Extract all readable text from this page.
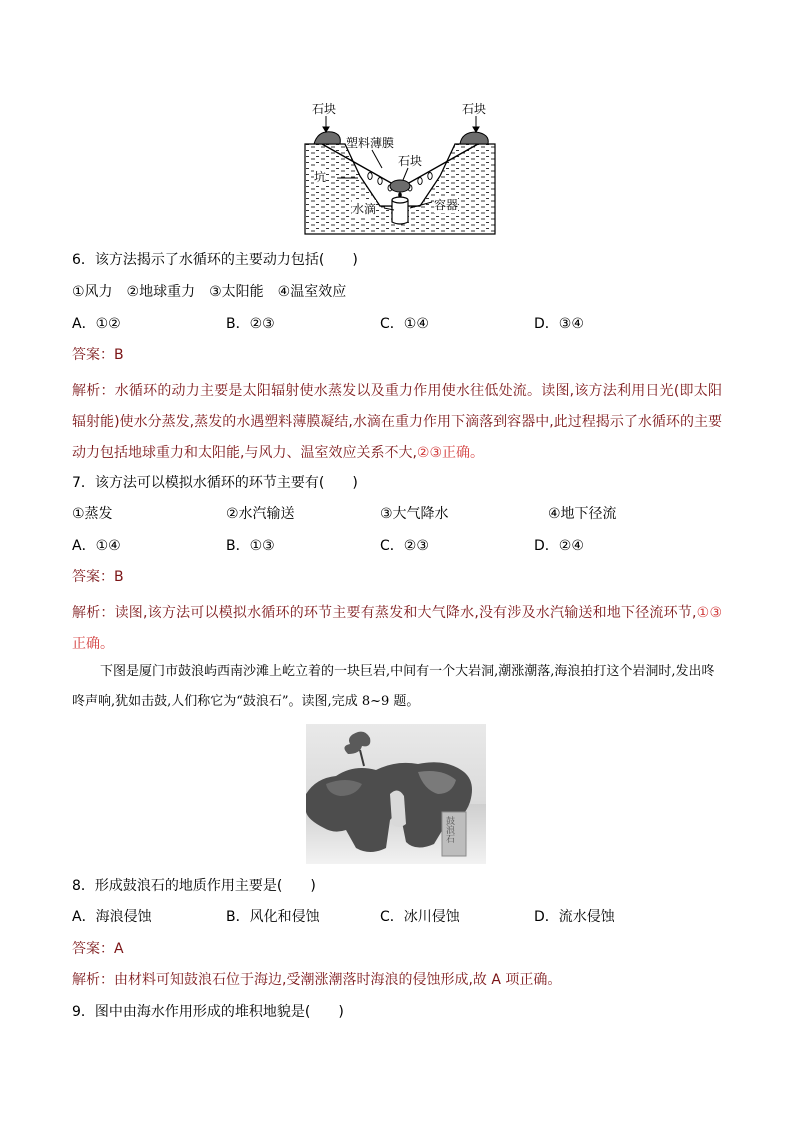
石块	石块
塑料薄膜
石块
坑
水滴	容器
6．该方法揭示了水循环的主要动力包括(　　)
①风力　②地球重力　③太阳能　④温室效应
A．①②	B．②③	C．①④	D．③④
答案：B
解析：水循环的动力主要是太阳辐射使水蒸发以及重力作用使水往低处流。读图,该方法利用日光(即太阳辐射能)使水分蒸发,蒸发的水遇塑料薄膜凝结,水滴在重力作用下滴落到容器中,此过程揭示了水循环的主要动力包括地球重力和太阳能,与风力、温室效应关系不大,②③正确。
7．该方法可以模拟水循环的环节主要有(　　)
①蒸发	②水汽输送	③大气降水	④地下径流
A．①④	B．①③	C．②③	D．②④
答案：B
解析：读图,该方法可以模拟水循环的环节主要有蒸发和大气降水,没有涉及水汽输送和地下径流环节,①③正确。
下图是厦门市鼓浪屿西南沙滩上屹立着的一块巨岩,中间有一个大岩洞,潮涨潮落,海浪拍打这个岩洞时,发出咚咚声响,犹如击鼓,人们称它为“鼓浪石”。读图,完成 8~9 题。
鼓浪石
8．形成鼓浪石的地质作用主要是(　　)
A．海浪侵蚀	B．风化和侵蚀	C．冰川侵蚀	D．流水侵蚀
答案：A
解析：由材料可知鼓浪石位于海边,受潮涨潮落时海浪的侵蚀形成,故 A 项正确。
9．图中由海水作用形成的堆积地貌是(　　)
